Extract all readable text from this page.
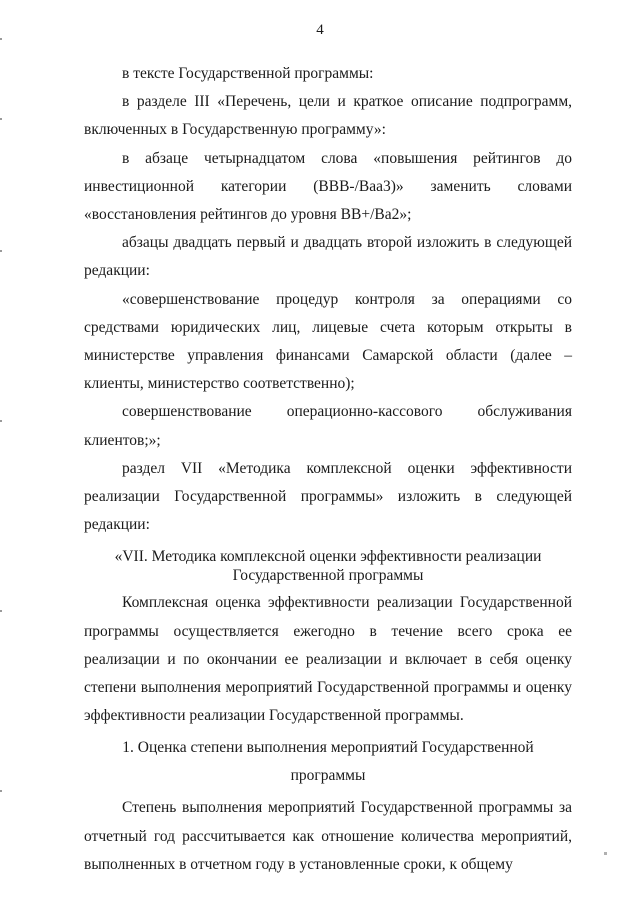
4

в тексте Государственной программы:

в разделе III «Перечень, цели и краткое описание подпрограмм, включенных в Государственную программу»:

в абзаце четырнадцатом слова «повышения рейтингов до инвестиционной категории (BBB-/Baa3)» заменить словами «восстановления рейтингов до уровня BB+/Ba2»;

абзацы двадцать первый и двадцать второй изложить в следующей редакции:

«совершенствование процедур контроля за операциями со средствами юридических лиц, лицевые счета которым открыты в министерстве управления финансами Самарской области (далее – клиенты, министерство соответственно);

совершенствование операционно-кассового обслуживания клиентов;»;

раздел VII «Методика комплексной оценки эффективности реализации Государственной программы» изложить в следующей редакции:

«VII. Методика комплексной оценки эффективности реализации Государственной программы

Комплексная оценка эффективности реализации Государственной программы осуществляется ежегодно в течение всего срока ее реализации и по окончании ее реализации и включает в себя оценку степени выполнения мероприятий Государственной программы и оценку эффективности реализации Государственной программы.

1. Оценка степени выполнения мероприятий Государственной программы

Степень выполнения мероприятий Государственной программы за отчетный год рассчитывается как отношение количества мероприятий, выполненных в отчетном году в установленные сроки, к общему
